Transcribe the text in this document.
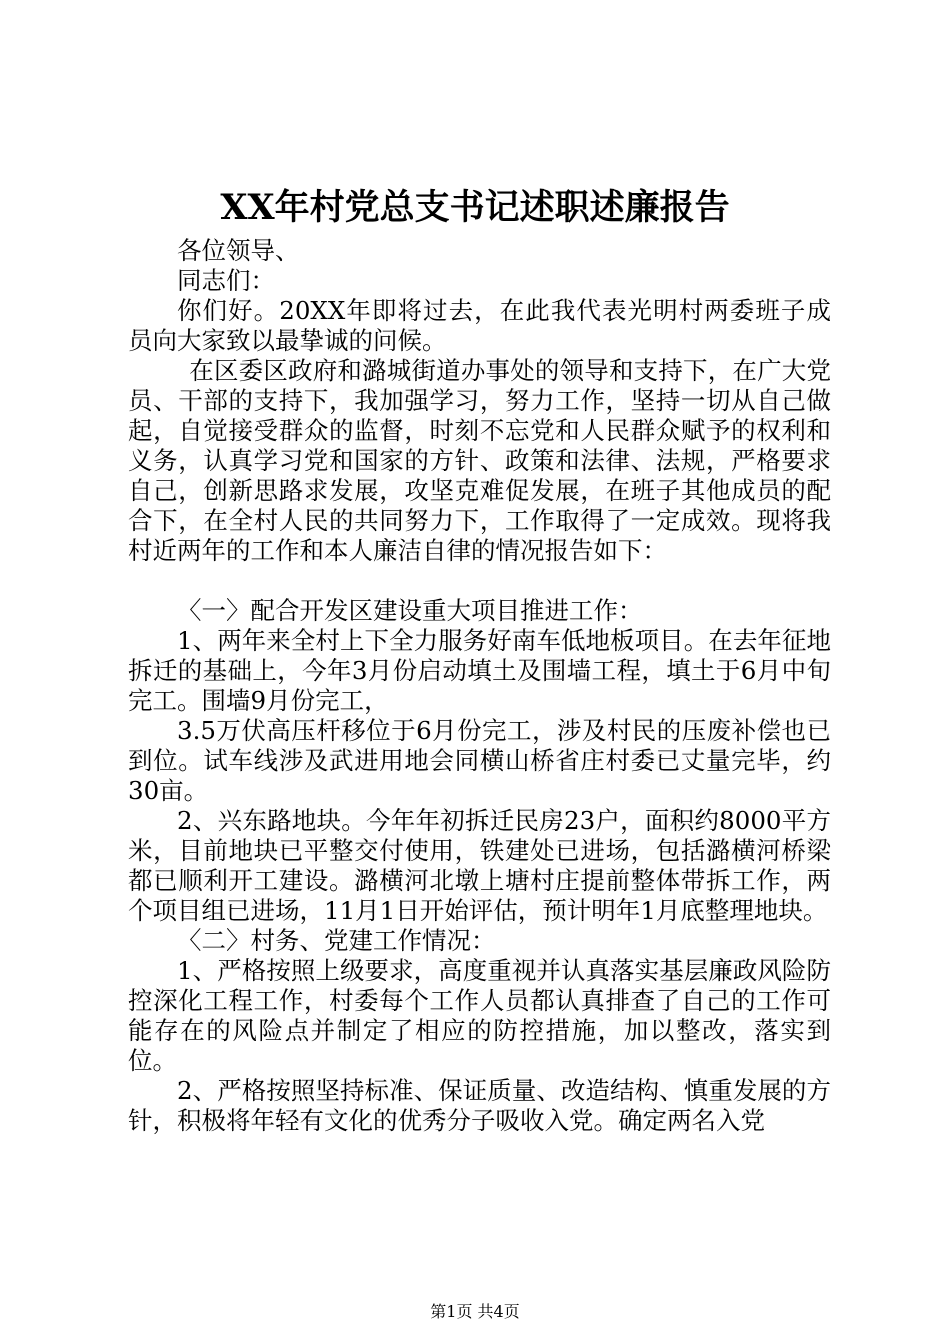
XX年村党总支书记述职述廉报告

各位领导、

同志们：

你们好。20XX年即将过去，在此我代表光明村两委班子成员向大家致以最挚诚的问候。

在区委区政府和潞城街道办事处的领导和支持下，在广大党员、干部的支持下，我加强学习，努力工作，坚持一切从自己做起，自觉接受群众的监督，时刻不忘党和人民群众赋予的权利和义务，认真学习党和国家的方针、政策和法律、法规，严格要求自己，创新思路求发展，攻坚克难促发展，在班子其他成员的配合下，在全村人民的共同努力下，工作取得了一定成效。现将我村近两年的工作和本人廉洁自律的情况报告如下：

〈一〉配合开发区建设重大项目推进工作：

1、两年来全村上下全力服务好南车低地板项目。在去年征地拆迁的基础上，今年3月份启动填土及围墙工程，填土于6月中旬完工。围墙9月份完工，

3.5万伏高压杆移位于6月份完工，涉及村民的压废补偿也已到位。试车线涉及武进用地会同横山桥省庄村委已丈量完毕，约30亩。

2、兴东路地块。今年年初拆迁民房23户，面积约8000平方米，目前地块已平整交付使用，铁建处已进场，包括潞横河桥梁都已顺利开工建设。潞横河北墩上塘村庄提前整体带拆工作，两个项目组已进场，11月1日开始评估，预计明年1月底整理地块。

〈二〉村务、党建工作情况：

1、严格按照上级要求，高度重视并认真落实基层廉政风险防控深化工程工作，村委每个工作人员都认真排查了自己的工作可能存在的风险点并制定了相应的防控措施，加以整改，落实到位。

2、严格按照坚持标准、保证质量、改造结构、慎重发展的方针，积极将年轻有文化的优秀分子吸收入党。确定两名入党

第1页 共4页
